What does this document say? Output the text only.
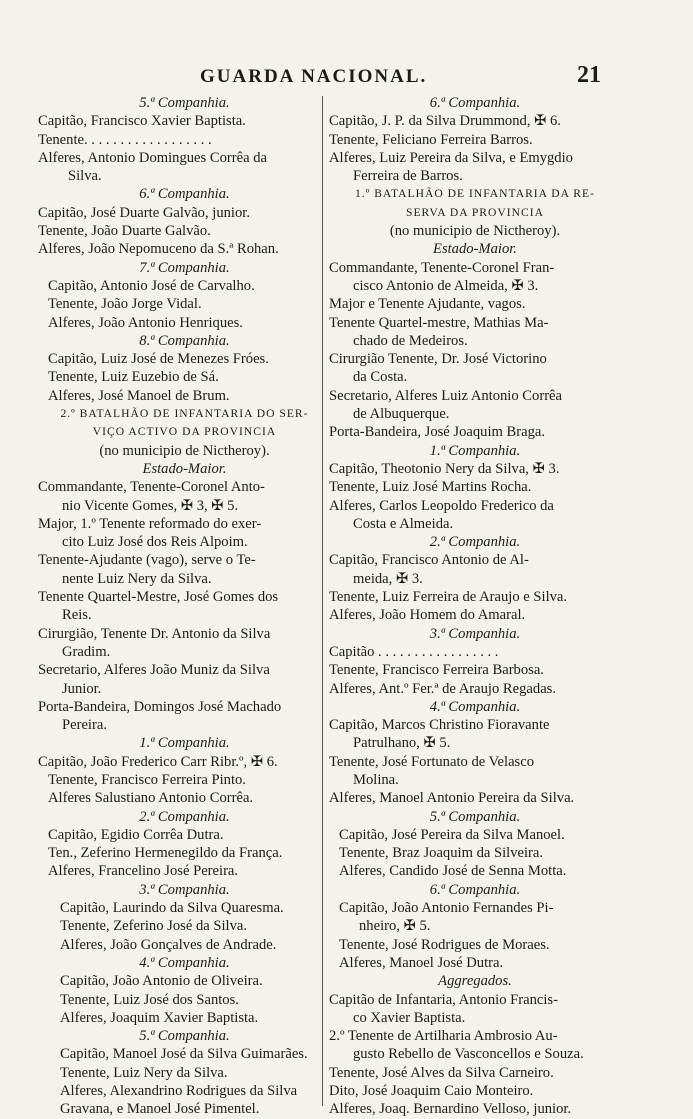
GUARDA NACIONAL.	21
5.ª Companhia.
Capitão, Francisco Xavier Baptista.
Tenente. . . . . . . . . . . . . . . . . .
Alferes, Antonio Domingues Corrêa da
Silva.
6.ª Companhia.
Capitão, José Duarte Galvão, junior.
Tenente, João Duarte Galvão.
Alferes, João Nepomuceno da S.ª Rohan.
7.ª Companhia.
Capitão, Antonio José de Carvalho.
Tenente, João Jorge Vidal.
Alferes, João Antonio Henriques.
8.ª Companhia.
Capitão, Luiz José de Menezes Fróes.
Tenente, Luiz Euzebio de Sá.
Alferes, José Manoel de Brum.
2.º BATALHÃO DE INFANTARIA DO SER-
VIÇO ACTIVO DA PROVINCIA
(no municipio de Nictheroy).
Estado-Maior.
Commandante, Tenente-Coronel Anto-
nio Vicente Gomes, ✠ 3, ✠ 5.
Major, 1.º Tenente reformado do exer-
cito Luiz José dos Reis Alpoim.
Tenente-Ajudante (vago), serve o Te-
nente Luiz Nery da Silva.
Tenente Quartel-Mestre, José Gomes dos
Reis.
Cirurgião, Tenente Dr. Antonio da Silva
Gradim.
Secretario, Alferes João Muniz da Silva
Junior.
Porta-Bandeira, Domingos José Machado
Pereira.
1.ª Companhia.
Capitão, João Frederico Carr Ribr.º, ✠ 6.
Tenente, Francisco Ferreira Pinto.
Alferes Salustiano Antonio Corrêa.
2.ª Companhia.
Capitão, Egidio Corrêa Dutra.
Ten., Zeferino Hermenegildo da França.
Alferes, Francelino José Pereira.
3.ª Companhia.
Capitão, Laurindo da Silva Quaresma.
Tenente, Zeferino José da Silva.
Alferes, João Gonçalves de Andrade.
4.ª Companhia.
Capitão, João Antonio de Oliveira.
Tenente, Luiz José dos Santos.
Alferes, Joaquim Xavier Baptista.
5.ª Companhia.
Capitão, Manoel José da Silva Guimarães.
Tenente, Luiz Nery da Silva.
Alferes, Alexandrino Rodrigues da Silva
Gravana, e Manoel José Pimentel.
6.ª Companhia.
Capitão, J. P. da Silva Drummond, ✠ 6.
Tenente, Feliciano Ferreira Barros.
Alferes, Luiz Pereira da Silva, e Emygdio
Ferreira de Barros.
1.º BATALHÃO DE INFANTARIA DA RE-
SERVA DA PROVINCIA
(no municipio de Nictheroy).
Estado-Maior.
Commandante, Tenente-Coronel Fran-
cisco Antonio de Almeida, ✠ 3.
Major e Tenente Ajudante, vagos.
Tenente Quartel-mestre, Mathias Ma-
chado de Medeiros.
Cirurgião Tenente, Dr. José Victorino
da Costa.
Secretario, Alferes Luiz Antonio Corrêa
de Albuquerque.
Porta-Bandeira, José Joaquim Braga.
1.ª Companhia.
Capitão, Theotonio Nery da Silva, ✠ 3.
Tenente, Luiz José Martins Rocha.
Alferes, Carlos Leopoldo Frederico da
Costa e Almeida.
2.ª Companhia.
Capitão, Francisco Antonio de Al-
meida, ✠ 3.
Tenente, Luiz Ferreira de Araujo e Silva.
Alferes, João Homem do Amaral.
3.ª Companhia.
Capitão . . . . . . . . . . . . . . . . .
Tenente, Francisco Ferreira Barbosa.
Alferes, Ant.º Fer.ª de Araujo Regadas.
4.ª Companhia.
Capitão, Marcos Christino Fioravante
Patrulhano, ✠ 5.
Tenente, José Fortunato de Velasco
Molina.
Alferes, Manoel Antonio Pereira da Silva.
5.ª Companhia.
Capitão, José Pereira da Silva Manoel.
Tenente, Braz Joaquim da Silveira.
Alferes, Candido José de Senna Motta.
6.ª Companhia.
Capitão, João Antonio Fernandes Pi-
nheiro, ✠ 5.
Tenente, José Rodrigues de Moraes.
Alferes, Manoel José Dutra.
Aggregados.
Capitão de Infantaria, Antonio Francis-
co Xavier Baptista.
2.º Tenente de Artilharia Ambrosio Au-
gusto Rebello de Vasconcellos e Souza.
Tenente, José Alves da Silva Carneiro.
Dito, José Joaquim Caio Monteiro.
Alferes, Joaq. Bernardino Velloso, junior.
